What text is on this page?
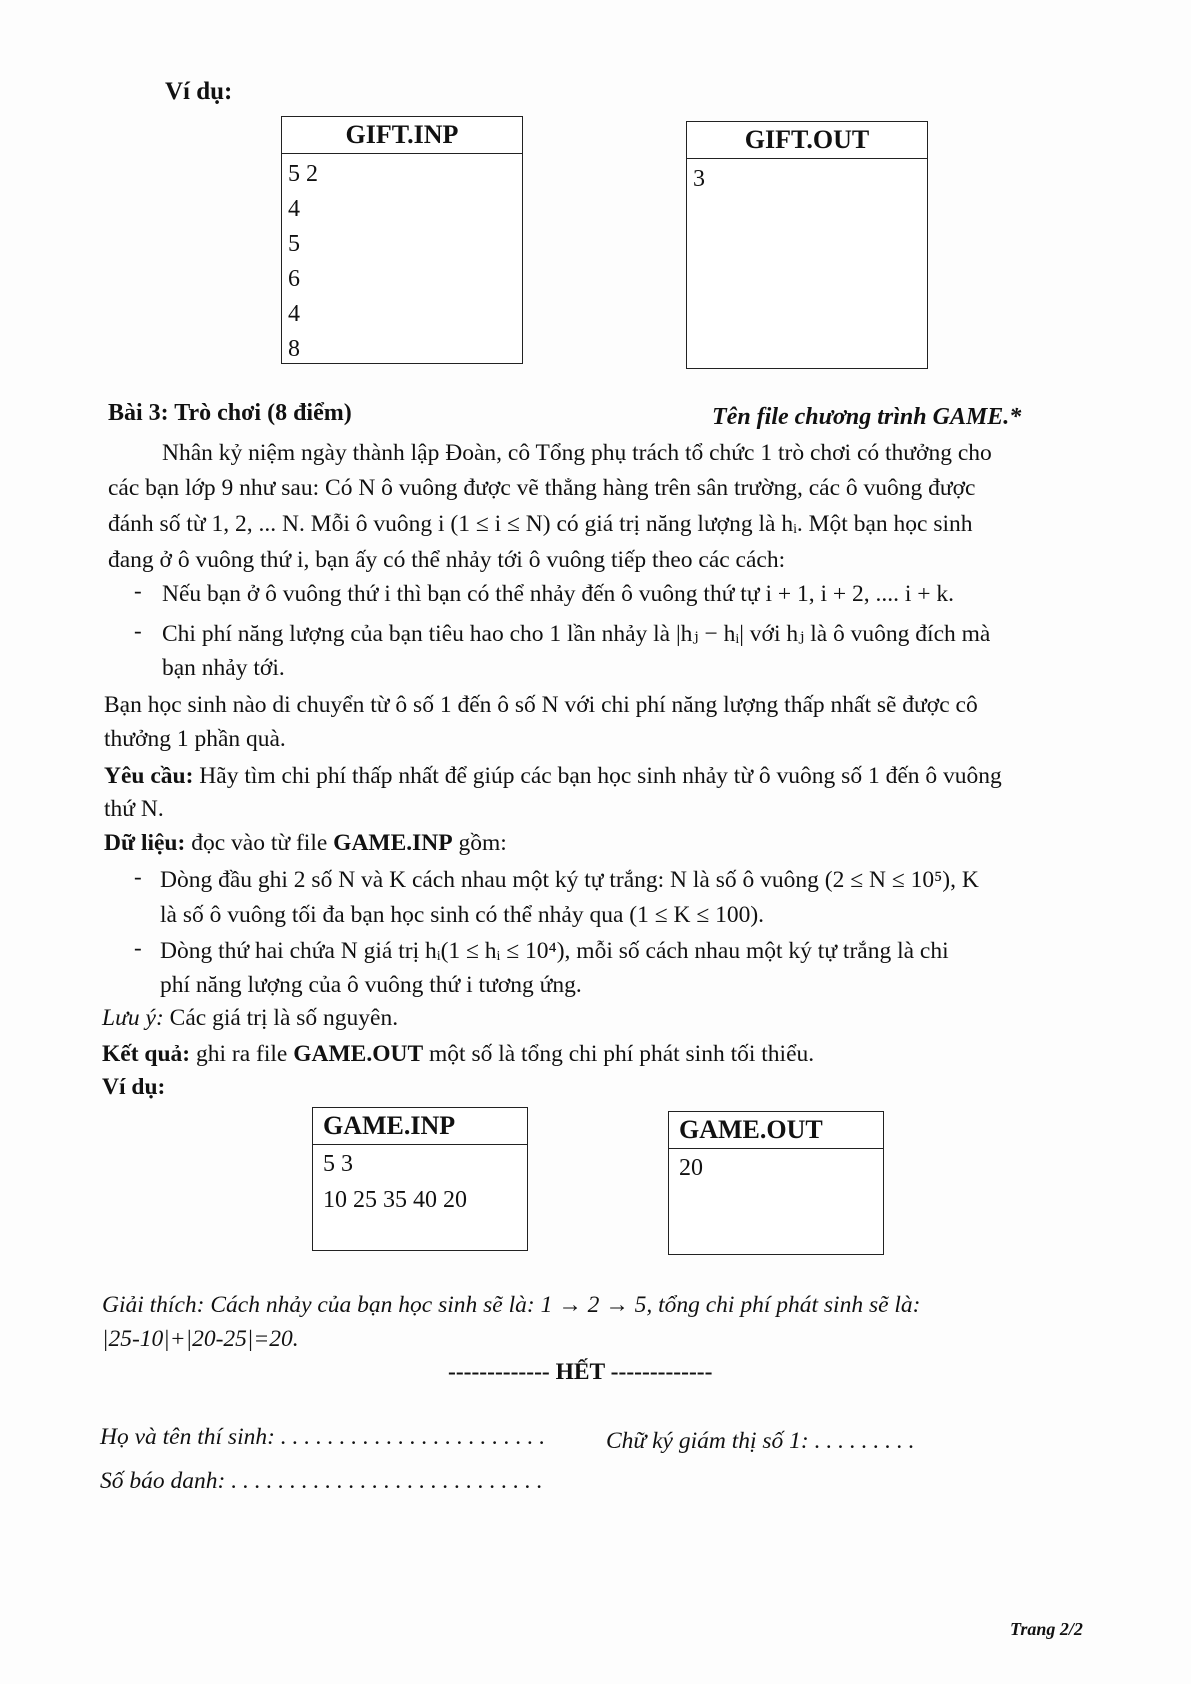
Ví dụ:
GIFT.INP
5 2
4
5
6
4
8
GIFT.OUT
3
Bài 3: Trò chơi (8 điểm)	Tên file chương trình GAME.*
Nhân kỷ niệm ngày thành lập Đoàn, cô Tổng phụ trách tổ chức 1 trò chơi có thưởng cho
các bạn lớp 9 như sau: Có N ô vuông được vẽ thẳng hàng trên sân trường, các ô vuông được
đánh số từ 1, 2, ... N. Mỗi ô vuông i (1 ≤ i ≤ N) có giá trị năng lượng là hᵢ. Một bạn học sinh
đang ở ô vuông thứ i, bạn ấy có thể nhảy tới ô vuông tiếp theo các cách:
- Nếu bạn ở ô vuông thứ i thì bạn có thể nhảy đến ô vuông thứ tự i + 1, i + 2, .... i + k.
- Chi phí năng lượng của bạn tiêu hao cho 1 lần nhảy là |hⱼ − hᵢ| với hⱼ là ô vuông đích mà
bạn nhảy tới.
Bạn học sinh nào di chuyển từ ô số 1 đến ô số N với chi phí năng lượng thấp nhất sẽ được cô
thưởng 1 phần quà.
Yêu cầu: Hãy tìm chi phí thấp nhất để giúp các bạn học sinh nhảy từ ô vuông số 1 đến ô vuông
thứ N.
Dữ liệu: đọc vào từ file GAME.INP gồm:
- Dòng đầu ghi 2 số N và K cách nhau một ký tự trắng: N là số ô vuông (2 ≤ N ≤ 10⁵), K
là số ô vuông tối đa bạn học sinh có thể nhảy qua (1 ≤ K ≤ 100).
- Dòng thứ hai chứa N giá trị hᵢ(1 ≤ hᵢ ≤ 10⁴), mỗi số cách nhau một ký tự trắng là chi
phí năng lượng của ô vuông thứ i tương ứng.
Lưu ý: Các giá trị là số nguyên.
Kết quả: ghi ra file GAME.OUT một số là tổng chi phí phát sinh tối thiểu.
Ví dụ:
GAME.INP
5 3
10 25 35 40 20
GAME.OUT
20
Giải thích: Cách nhảy của bạn học sinh sẽ là: 1 → 2 → 5, tổng chi phí phát sinh sẽ là:
|25-10|+|20-25|=20.
------------- HẾT -------------
Họ và tên thí sinh: . . . . . . . . . . . . . . . . . . . . . . .	Chữ ký giám thị số 1: . . . . . . . . .
Số báo danh: . . . . . . . . . . . . . . . . . . . . . . . . . . .
Trang 2/2
